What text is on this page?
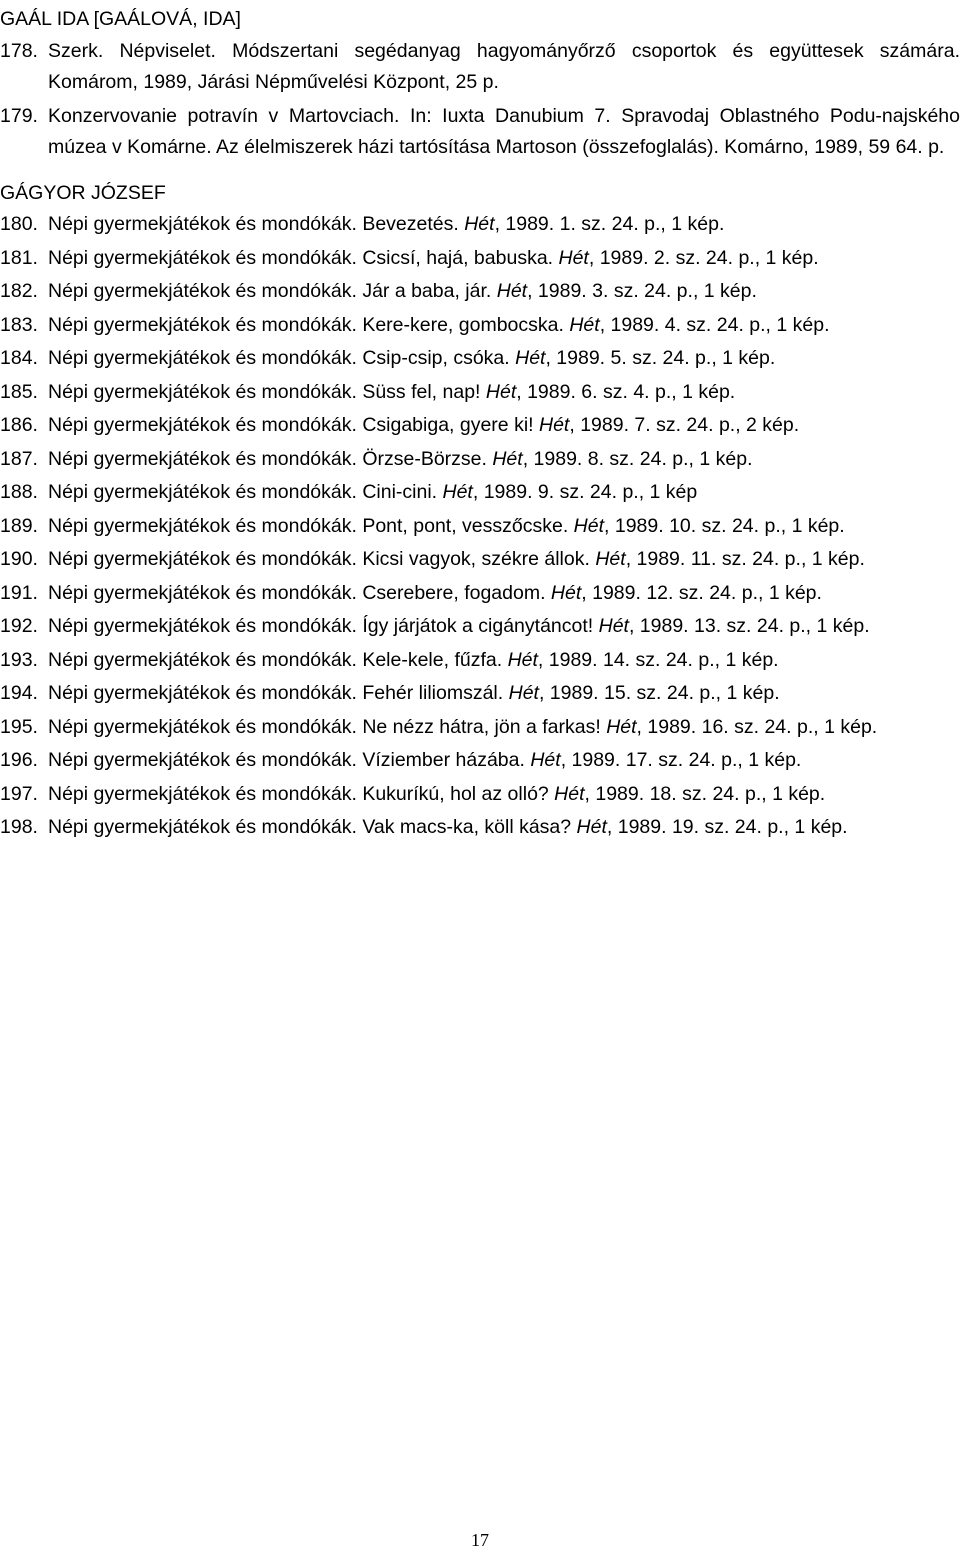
GAÁL IDA [GAÁLOVÁ, IDA]
178. Szerk. Népviselet. Módszertani segédanyag hagyományőrző csoportok és együttesek számára. Komárom, 1989, Járási Népművelési Központ, 25 p.
179. Konzervovanie potravín v Martovciach. In: Iuxta Danubium 7. Spravodaj Oblastného Podu-najského múzea v Komárne. Az élelmiszerek házi tartósítása Martoson (összefoglalás). Komárno, 1989, 59 64. p.
GÁGYOR JÓZSEF
180. Népi gyermekjátékok és mondókák. Bevezetés. Hét, 1989. 1. sz. 24. p., 1 kép.
181. Népi gyermekjátékok és mondókák. Csicsí, hajá, babuska. Hét, 1989. 2. sz. 24. p., 1 kép.
182. Népi gyermekjátékok és mondókák. Jár a baba, jár. Hét, 1989. 3. sz. 24. p., 1 kép.
183. Népi gyermekjátékok és mondókák. Kere-kere, gombocska. Hét, 1989. 4. sz. 24. p., 1 kép.
184. Népi gyermekjátékok és mondókák. Csip-csip, csóka. Hét, 1989. 5. sz. 24. p., 1 kép.
185. Népi gyermekjátékok és mondókák. Süss fel, nap! Hét, 1989. 6. sz. 4. p., 1 kép.
186. Népi gyermekjátékok és mondókák. Csigabiga, gyere ki! Hét, 1989. 7. sz. 24. p., 2 kép.
187. Népi gyermekjátékok és mondókák. Örzse-Börzse. Hét, 1989. 8. sz. 24. p., 1 kép.
188. Népi gyermekjátékok és mondókák. Cini-cini. Hét, 1989. 9. sz. 24. p., 1 kép
189. Népi gyermekjátékok és mondókák. Pont, pont, vesszőcske. Hét, 1989. 10. sz. 24. p., 1 kép.
190. Népi gyermekjátékok és mondókák. Kicsi vagyok, székre állok. Hét, 1989. 11. sz. 24. p., 1 kép.
191. Népi gyermekjátékok és mondókák. Cserebere, fogadom. Hét, 1989. 12. sz. 24. p., 1 kép.
192. Népi gyermekjátékok és mondókák. Így járjátok a cigánytáncot! Hét, 1989. 13. sz. 24. p., 1 kép.
193. Népi gyermekjátékok és mondókák. Kele-kele, fűzfa. Hét, 1989. 14. sz. 24. p., 1 kép.
194. Népi gyermekjátékok és mondókák. Fehér liliomszál. Hét, 1989. 15. sz. 24. p., 1 kép.
195. Népi gyermekjátékok és mondókák. Ne nézz hátra, jön a farkas! Hét, 1989. 16. sz. 24. p., 1 kép.
196. Népi gyermekjátékok és mondókák. Víziember házába. Hét, 1989. 17. sz. 24. p., 1 kép.
197. Népi gyermekjátékok és mondókák. Kukuríkú, hol az olló? Hét, 1989. 18. sz. 24. p., 1 kép.
198. Népi gyermekjátékok és mondókák. Vak macs-ka, köll kása? Hét, 1989. 19. sz. 24. p., 1 kép.
17
